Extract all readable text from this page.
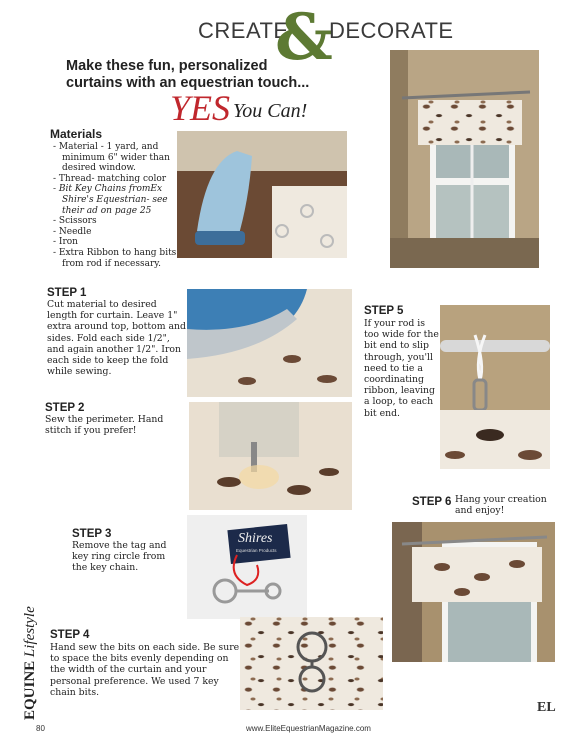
CREATE
&
DECORATE
Make these fun, personalized
curtains with an equestrian touch...
YES You Can!
Materials
- Material - 1 yard, and minimum 6" wider than desired window.
- Thread- matching color
- Bit Key Chains fromEx Shire's Equestrian- see their ad on page 25
- Scissors
- Needle
- Iron
- Extra Ribbon to hang bits from rod if necessary.
STEP 1
Cut material to desired length for curtain. Leave 1" extra around top, bottom and sides. Fold each side 1/2", and again another 1/2". Iron each side to keep the fold while sewing.
STEP 2
Sew the perimeter. Hand stitch if you prefer!
STEP 3
Remove the tag and key ring circle from the key chain.
Shires
Equestrian Products
STEP 4
Hand sew the bits on each side. Be sure to space the bits evenly depending on the width of the curtain and your personal preference. We used 7 key chain bits.
STEP 5
If your rod is too wide for the bit end to slip through, you'll need to tie a coordinating ribbon, leaving a loop, to each bit end.
STEP 6 Hang your creation and enjoy!
EQUINE Lifestyle
80	www.EliteEquestrianMagazine.com
EL
